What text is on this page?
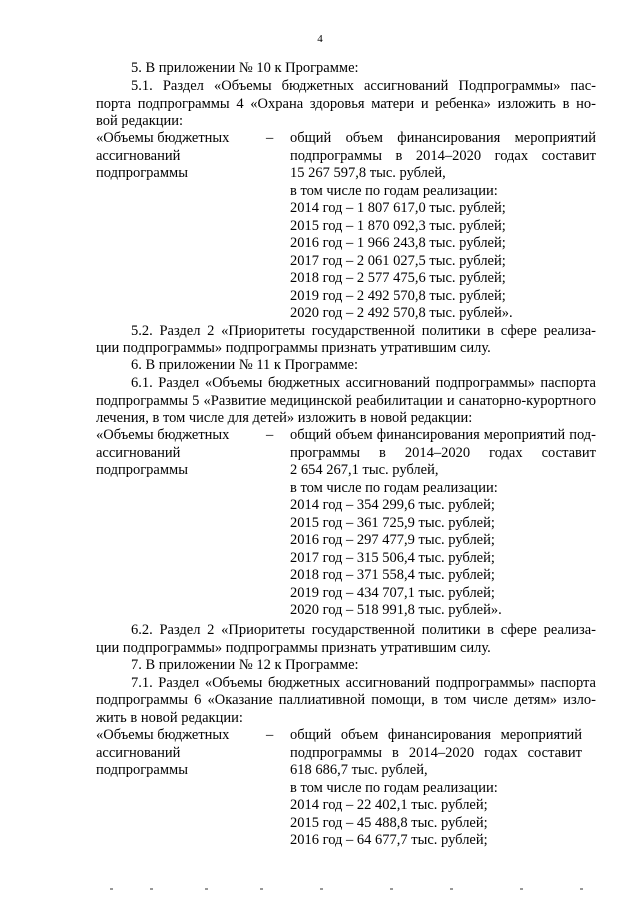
4
5. В приложении № 10 к Программе:
5.1. Раздел «Объемы бюджетных ассигнований Подпрограммы» пас-
порта подпрограммы 4 «Охрана здоровья матери и ребенка» изложить в но-
вой редакции:
«Объемы бюджетных
ассигнований
подпрограммы
– общий объем финансирования мероприятий
подпрограммы в 2014–2020 годах составит
15 267 597,8 тыс. рублей,
в том числе по годам реализации:
2014 год – 1 807 617,0 тыс. рублей;
2015 год – 1 870 092,3 тыс. рублей;
2016 год – 1 966 243,8 тыс. рублей;
2017 год – 2 061 027,5 тыс. рублей;
2018 год – 2 577 475,6 тыс. рублей;
2019 год – 2 492 570,8 тыс. рублей;
2020 год – 2 492 570,8 тыс. рублей».
5.2. Раздел 2 «Приоритеты государственной политики в сфере реализа-
ции подпрограммы» подпрограммы признать утратившим силу.
6. В приложении № 11 к Программе:
6.1. Раздел «Объемы бюджетных ассигнований подпрограммы» паспорта
подпрограммы 5 «Развитие медицинской реабилитации и санаторно-курортного
лечения, в том числе для детей» изложить в новой редакции:
«Объемы бюджетных
ассигнований
подпрограммы
– общий объем финансирования мероприятий под-
программы в 2014–2020 годах составит
2 654 267,1 тыс. рублей,
в том числе по годам реализации:
2014 год – 354 299,6 тыс. рублей;
2015 год – 361 725,9 тыс. рублей;
2016 год – 297 477,9 тыс. рублей;
2017 год – 315 506,4 тыс. рублей;
2018 год – 371 558,4 тыс. рублей;
2019 год – 434 707,1 тыс. рублей;
2020 год – 518 991,8 тыс. рублей».
6.2. Раздел 2 «Приоритеты государственной политики в сфере реализа-
ции подпрограммы» подпрограммы признать утратившим силу.
7. В приложении № 12 к Программе:
7.1. Раздел «Объемы бюджетных ассигнований подпрограммы» паспорта
подпрограммы 6 «Оказание паллиативной помощи, в том числе детям» изло-
жить в новой редакции:
«Объемы бюджетных
ассигнований
подпрограммы
– общий объем финансирования мероприятий
подпрограммы в 2014–2020 годах составит
618 686,7 тыс. рублей,
в том числе по годам реализации:
2014 год – 22 402,1 тыс. рублей;
2015 год – 45 488,8 тыс. рублей;
2016 год – 64 677,7 тыс. рублей;
